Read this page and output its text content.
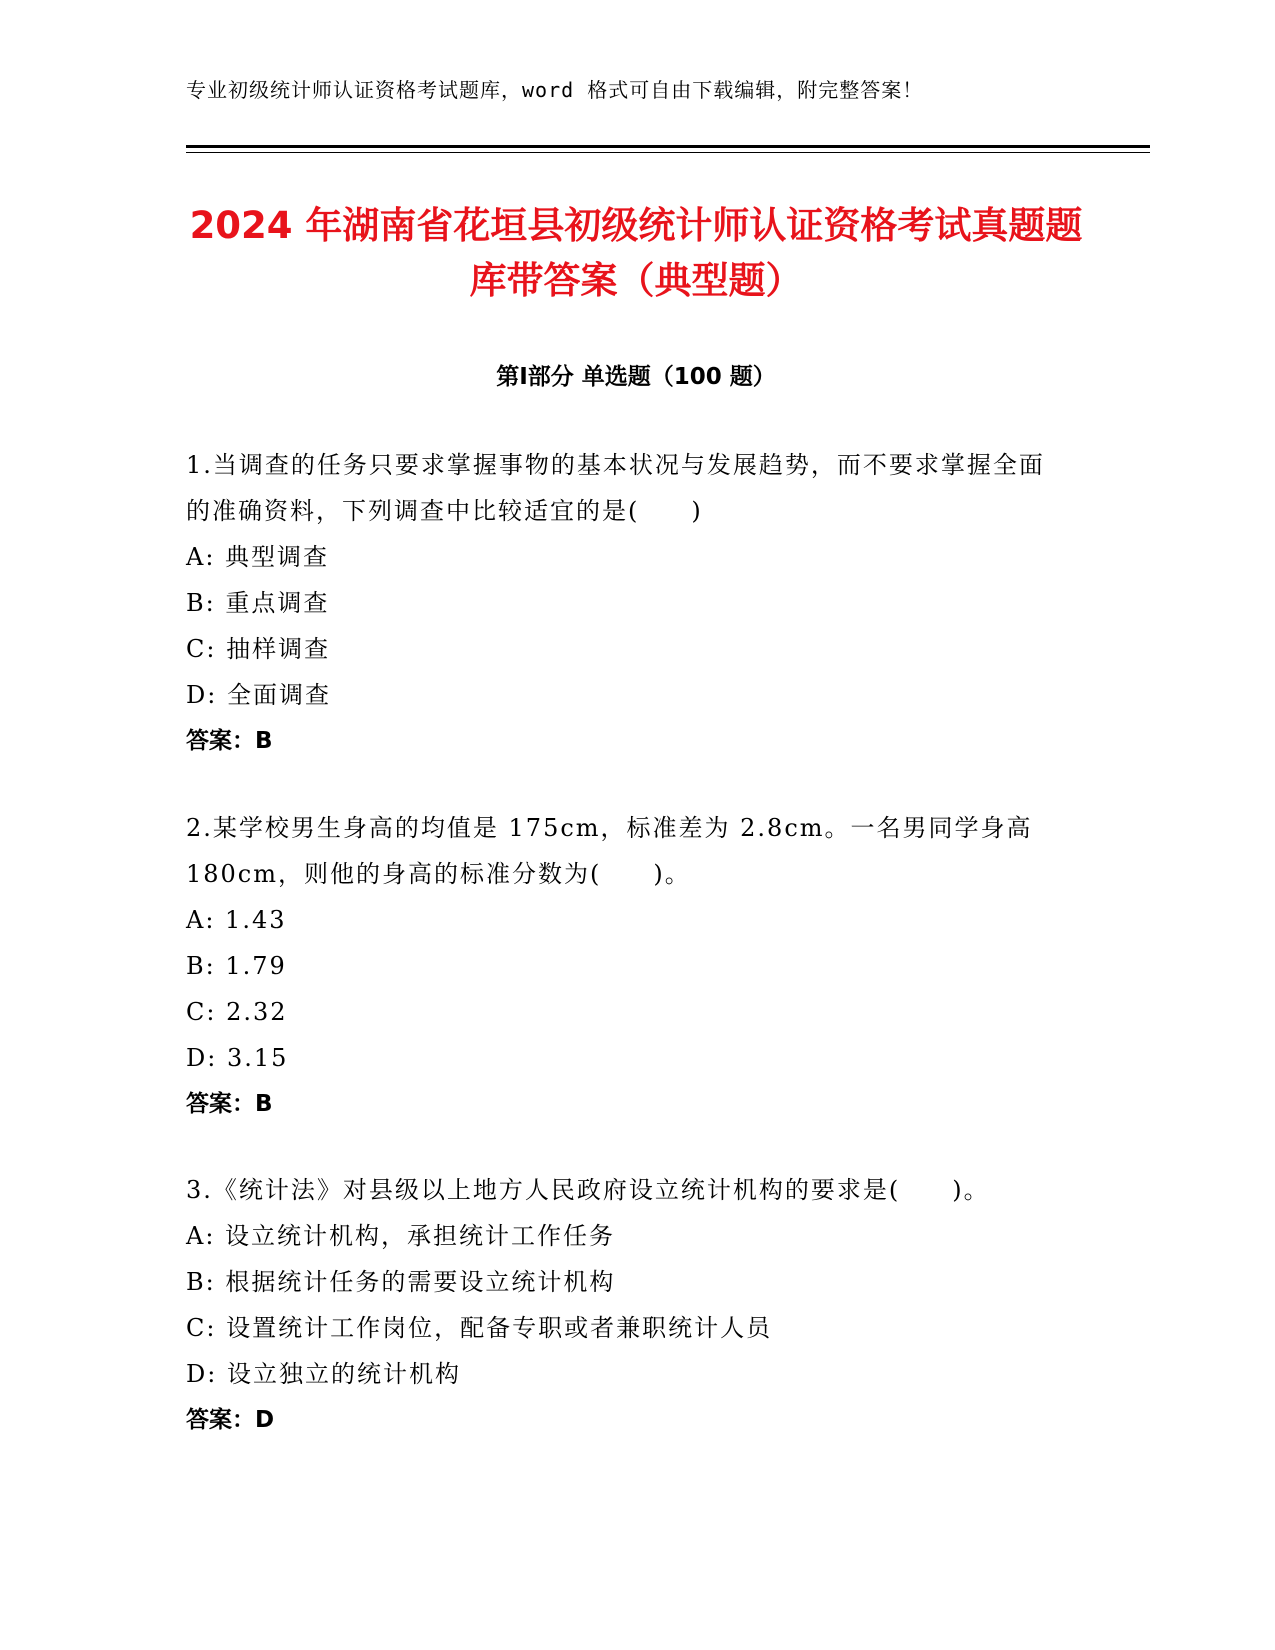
专业初级统计师认证资格考试题库，word 格式可自由下载编辑，附完整答案！
2024 年湖南省花垣县初级统计师认证资格考试真题题库带答案（典型题）
第Ⅰ部分 单选题（100 题）

1.当调查的任务只要求掌握事物的基本状况与发展趋势，而不要求掌握全面的准确资料，下列调查中比较适宜的是(　　)

A: 典型调查

B: 重点调查

C: 抽样调查

D: 全面调查

答案：B

2.某学校男生身高的均值是 175cm，标准差为 2.8cm。一名男同学身高 180cm，则他的身高的标准分数为(　　)。

A: 1.43

B: 1.79

C: 2.32

D: 3.15

答案：B

3.《统计法》对县级以上地方人民政府设立统计机构的要求是(　　)。

A: 设立统计机构，承担统计工作任务

B: 根据统计任务的需要设立统计机构

C: 设置统计工作岗位，配备专职或者兼职统计人员

D: 设立独立的统计机构

答案：D
